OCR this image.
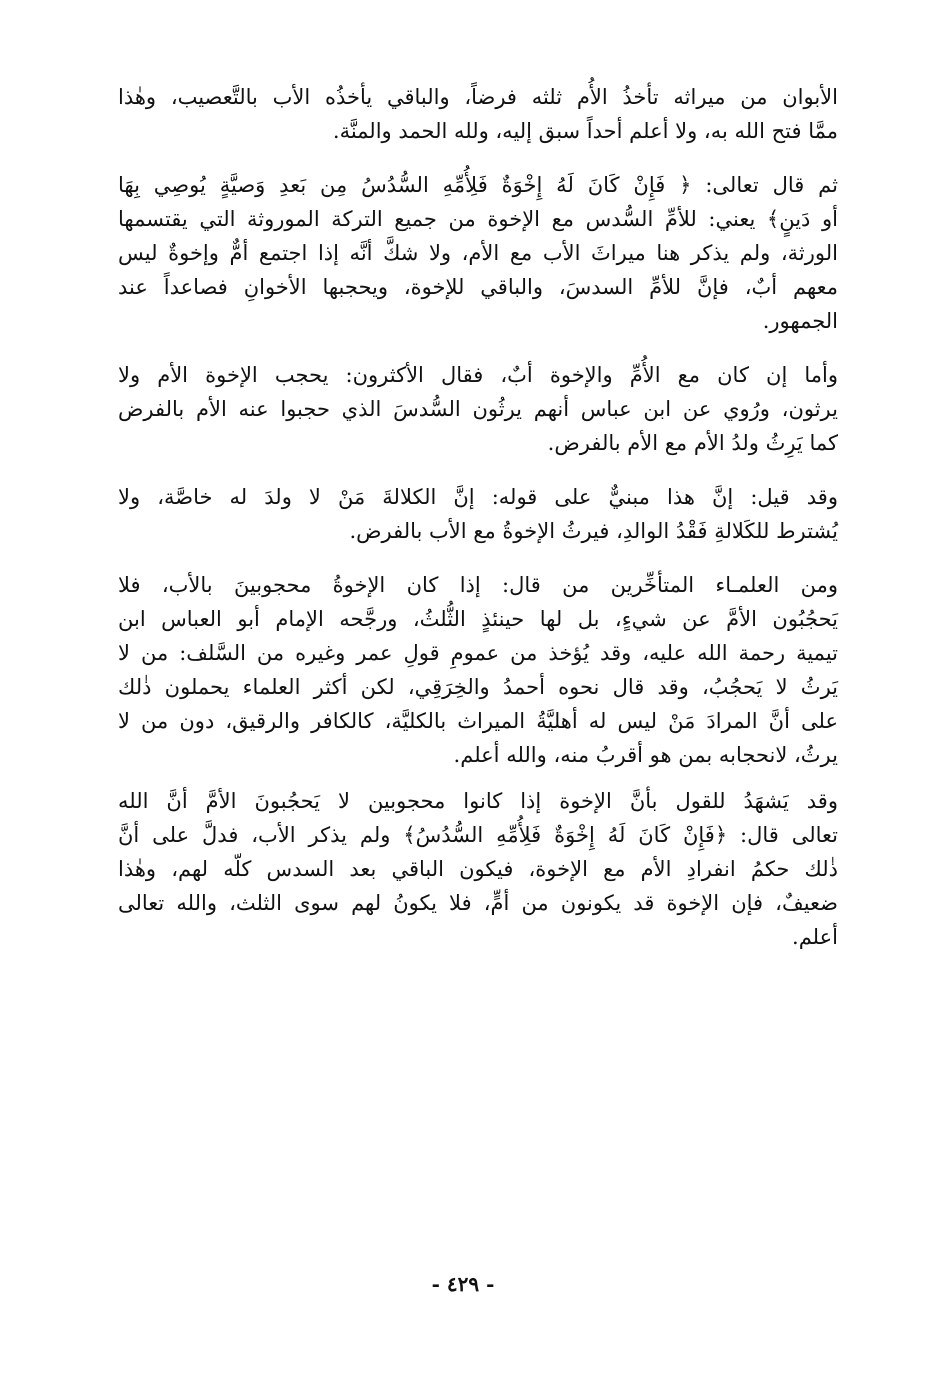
الأبوان من ميراثه تأخذُ الأُم ثلثه فرضاً، والباقي يأخذُه الأب بالتَّعصيب، وهٰذا
ممَّا فتح الله به، ولا أعلم أحداً سبق إليه، ولله الحمد والمنَّة.
ثم قال تعالى: ﴿ فَإِنْ كَانَ لَهُ إِخْوَةٌ فَلِأُمِّهِ السُّدُسُ مِن بَعدِ وَصيَّةٍ يُوصِي بِهَا
أو دَينٍ﴾ يعني: للأمِّ السُّدس مع الإخوة من جميع التركة الموروثة التي يقتسمها
الورثة، ولم يذكر هنا ميراثَ الأب مع الأم، ولا شكَّ أنَّه إذا اجتمع أمٌّ وإخوةٌ ليس
معهم أبٌ، فإنَّ للأمِّ السدسَ، والباقي للإخوة، ويحجبها الأخوانِ فصاعداً عند
الجمهور.
وأما إن كان مع الأُمِّ والإخوة أبٌ، فقال الأكثرون: يحجب الإخوة الأم ولا
يرثون، ورُوي عن ابن عباس أنهم يرثُون السُّدسَ الذي حجبوا عنه الأم بالفرض
كما يَرِثُ ولدُ الأم مع الأم بالفرض.
وقد قيل: إنَّ هذا مبنيٌّ على قوله: إنَّ الكلالةَ مَنْ لا ولدَ له خاصَّة، ولا
يُشترط للكَلالةِ فَقْدُ الوالدِ، فيرثُ الإخوةُ مع الأب بالفرض.
ومن العلمـاء المتأخِّرين من قال: إذا كان الإخوةُ محجوبينَ بالأب، فلا
يَحجُبُون الأمَّ عن شيءٍ، بل لها حينئذٍ الثُّلثُ، ورجَّحه الإمام أبو العباس ابن
تيمية رحمة الله عليه، وقد يُؤخذ من عمومِ قولِ عمر وغيره من السَّلف: من لا
يَرثُ لا يَحجُبُ، وقد قال نحوه أحمدُ والخِرَقِي، لكن أكثر العلماء يحملون ذٰلك
على أنَّ المرادَ مَنْ ليس له أهليَّةُ الميراث بالكليَّة، كالكافر والرقيق، دون من لا
يرثُ، لانحجابه بمن هو أقربُ منه، والله أعلم.
وقد يَشهَدُ للقول بأنَّ الإخوة إذا كانوا محجوبين لا يَحجُبونَ الأمَّ أنَّ الله
تعالى قال: ﴿فَإِنْ كَانَ لَهُ إِخْوَةٌ فَلِأُمِّهِ السُّدُسُ﴾ ولم يذكر الأب، فدلَّ على أنَّ
ذٰلك حكمُ انفرادِ الأم مع الإخوة، فيكون الباقي بعد السدس كلّه لهم، وهٰذا
ضعيفٌ، فإن الإخوة قد يكونون من أمٍّ، فلا يكونُ لهم سوى الثلث، والله تعالى
أعلم.
- ٤٢٩ -
